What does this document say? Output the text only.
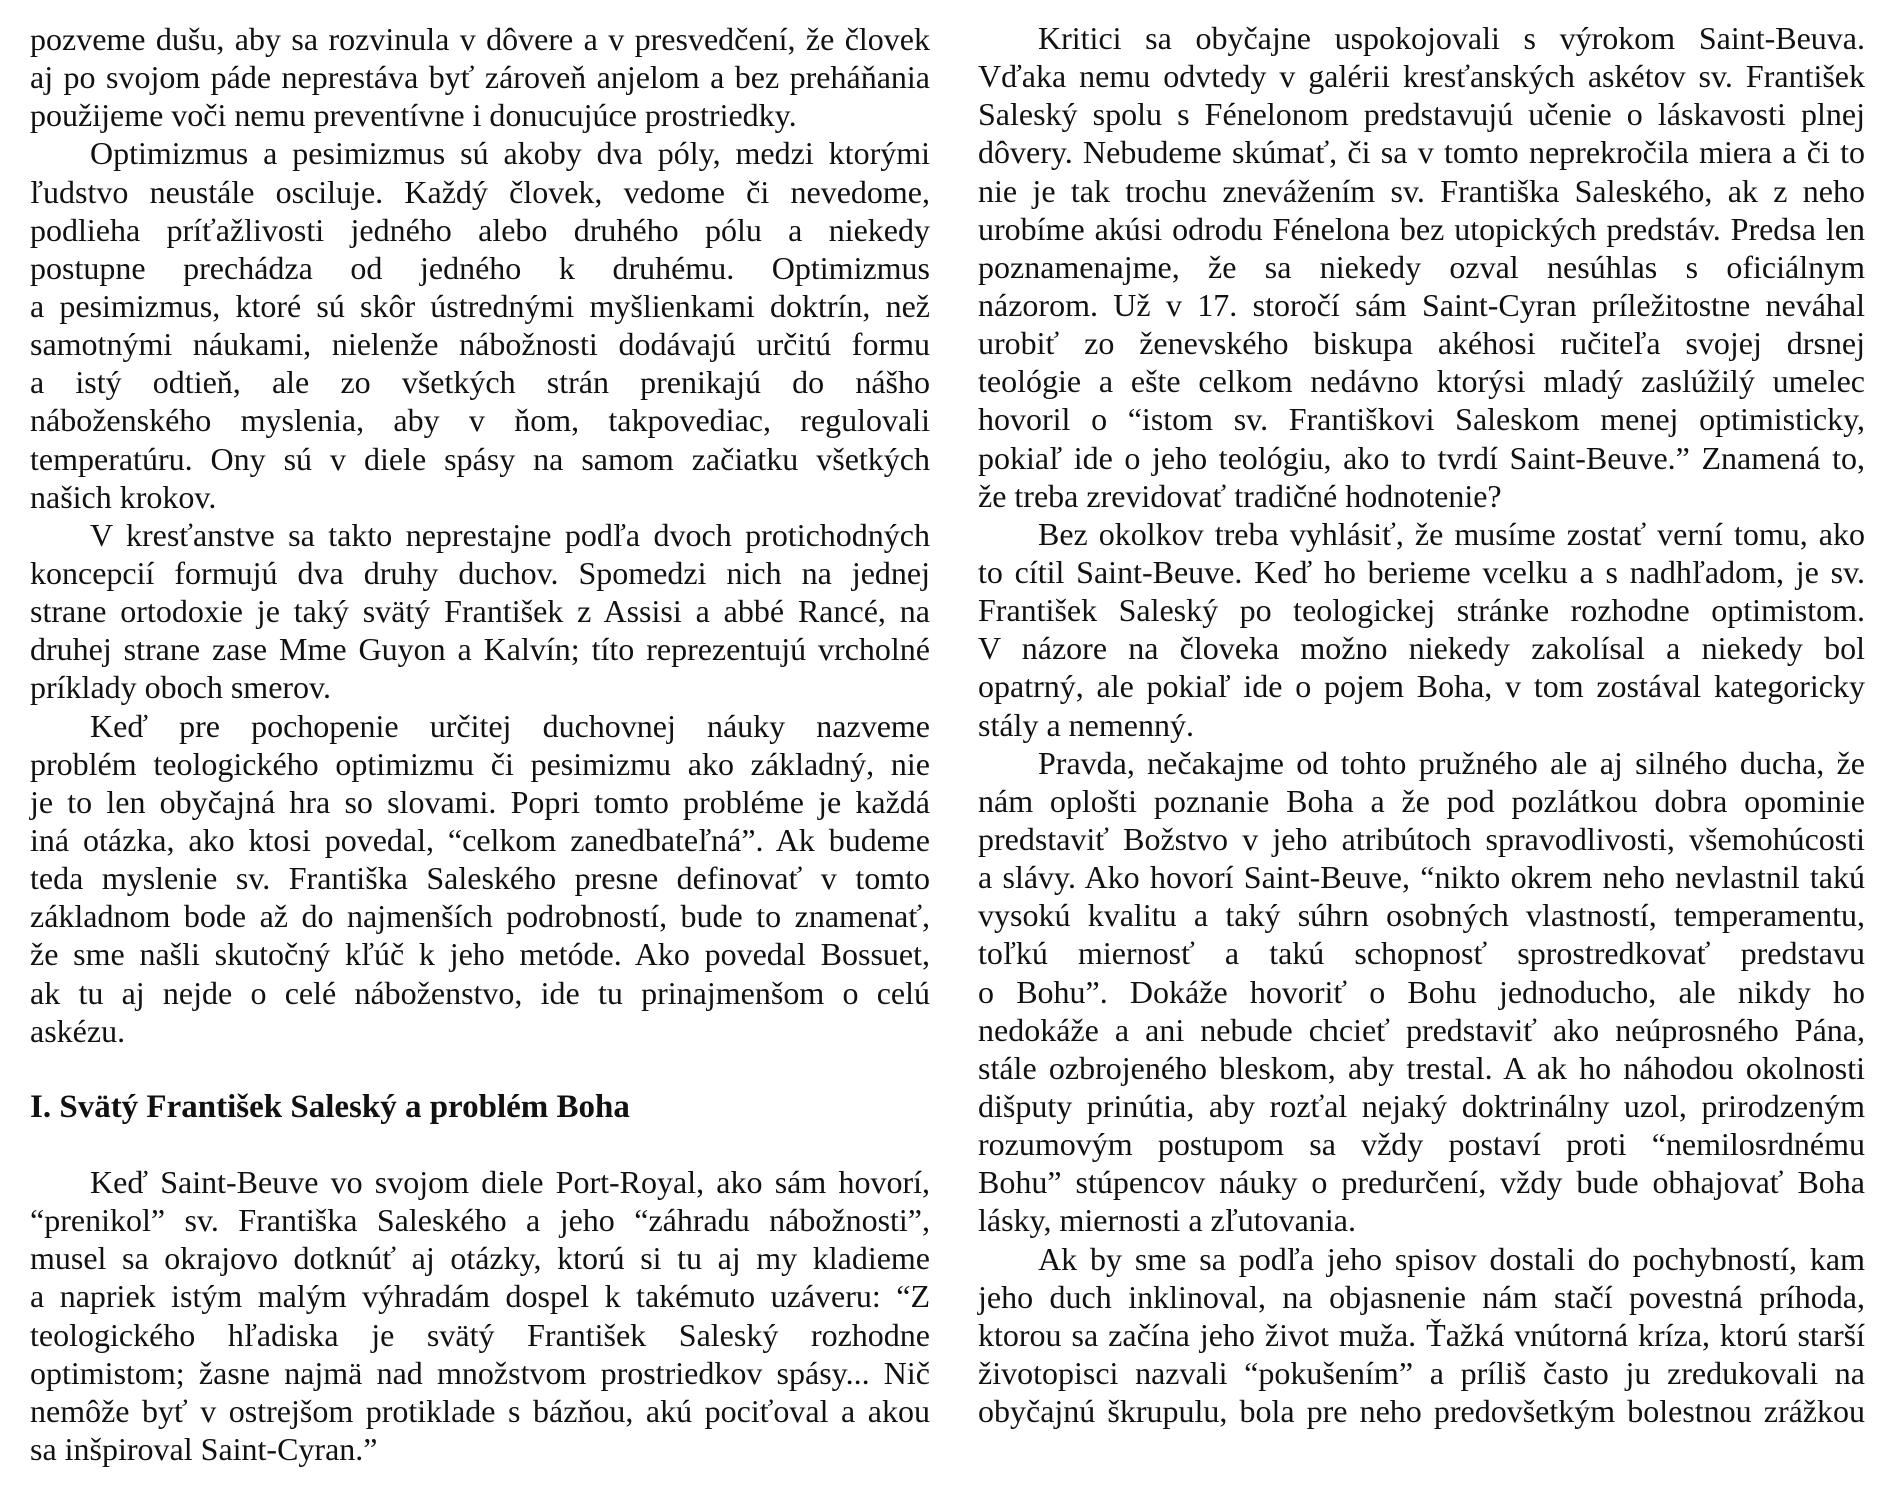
pozveme dušu, aby sa rozvinula v dôvere a v presvedčení, že človek
aj po svojom páde neprestáva byť zároveň anjelom a bez preháňania
použijeme voči nemu preventívne i donucujúce prostriedky.
Optimizmus a pesimizmus sú akoby dva póly, medzi ktorými
ľudstvo neustále osciluje. Každý človek, vedome či nevedome,
podlieha príťažlivosti jedného alebo druhého pólu a niekedy
postupne prechádza od jedného k druhému. Optimizmus
a pesimizmus, ktoré sú skôr ústrednými myšlienkami doktrín, než
samotnými náukami, nielenže nábožnosti dodávajú určitú formu
a istý odtieň, ale zo všetkých strán prenikajú do nášho
náboženského myslenia, aby v ňom, takpovediac, regulovali
temperatúru. Ony sú v diele spásy na samom začiatku všetkých
našich krokov.
V kresťanstve sa takto neprestajne podľa dvoch protichodných
koncepcií formujú dva druhy duchov. Spomedzi nich na jednej
strane ortodoxie je taký svätý František z Assisi a abbé Rancé, na
druhej strane zase Mme Guyon a Kalvín; títo reprezentujú vrcholné
príklady oboch smerov.
Keď pre pochopenie určitej duchovnej náuky nazveme
problém teologického optimizmu či pesimizmu ako základný, nie
je to len obyčajná hra so slovami. Popri tomto probléme je každá
iná otázka, ako ktosi povedal, “celkom zanedbateľná”. Ak budeme
teda myslenie sv. Františka Saleského presne definovať v tomto
základnom bode až do najmenších podrobností, bude to znamenať,
že sme našli skutočný kľúč k jeho metóde. Ako povedal Bossuet,
ak tu aj nejde o celé náboženstvo, ide tu prinajmenšom o celú
askézu.
I. Svätý František Saleský a problém Boha
Keď Saint-Beuve vo svojom diele Port-Royal, ako sám hovorí,
“prenikol” sv. Františka Saleského a jeho “záhradu nábožnosti”,
musel sa okrajovo dotknúť aj otázky, ktorú si tu aj my kladieme
a napriek istým malým výhradám dospel k takémuto uzáveru: “Z
teologického hľadiska je svätý František Saleský rozhodne
optimistom; žasne najmä nad množstvom prostriedkov spásy... Nič
nemôže byť v ostrejšom protiklade s bázňou, akú pociťoval a akou
sa inšpiroval Saint-Cyran.”
Kritici sa obyčajne uspokojovali s výrokom Saint-Beuva.
Vďaka nemu odvtedy v galérii kresťanských askétov sv. František
Saleský spolu s Fénelonom predstavujú učenie o láskavosti plnej
dôvery. Nebudeme skúmať, či sa v tomto neprekročila miera a či to
nie je tak trochu znevážením sv. Františka Saleského, ak z neho
urobíme akúsi odrodu Fénelona bez utopických predstáv. Predsa len
poznamenajme, že sa niekedy ozval nesúhlas s oficiálnym
názorom. Už v 17. storočí sám Saint-Cyran príležitostne neváhal
urobiť zo ženevského biskupa akéhosi ručiteľa svojej drsnej
teológie a ešte celkom nedávno ktorýsi mladý zaslúžilý umelec
hovoril o “istom sv. Františkovi Saleskom menej optimisticky,
pokiaľ ide o jeho teológiu, ako to tvrdí Saint-Beuve.” Znamená to,
že treba zrevidovať tradičné hodnotenie?
Bez okolkov treba vyhlásiť, že musíme zostať verní tomu, ako
to cítil Saint-Beuve. Keď ho berieme vcelku a s nadhľadom, je sv.
František Saleský po teologickej stránke rozhodne optimistom.
V názore na človeka možno niekedy zakolísal a niekedy bol
opatrný, ale pokiaľ ide o pojem Boha, v tom zostával kategoricky
stály a nemenný.
Pravda, nečakajme od tohto pružného ale aj silného ducha, že
nám oplošti poznanie Boha a že pod pozlátkou dobra opominie
predstaviť Božstvo v jeho atribútoch spravodlivosti, všemohúcosti
a slávy. Ako hovorí Saint-Beuve, “nikto okrem neho nevlastnil takú
vysokú kvalitu a taký súhrn osobných vlastností, temperamentu,
toľkú miernosť a takú schopnosť sprostredkovať predstavu
o Bohu”. Dokáže hovoriť o Bohu jednoducho, ale nikdy ho
nedokáže a ani nebude chcieť predstaviť ako neúprosného Pána,
stále ozbrojeného bleskom, aby trestal. A ak ho náhodou okolnosti
dišputy prinútia, aby rozťal nejaký doktrinálny uzol, prirodzeným
rozumovým postupom sa vždy postaví proti “nemilosrdnému
Bohu” stúpencov náuky o predurčení, vždy bude obhajovať Boha
lásky, miernosti a zľutovania.
Ak by sme sa podľa jeho spisov dostali do pochybností, kam
jeho duch inklinoval, na objasnenie nám stačí povestná príhoda,
ktorou sa začína jeho život muža. Ťažká vnútorná kríza, ktorú starší
životopisci nazvali “pokušením” a príliš často ju zredukovali na
obyčajnú škrupulu, bola pre neho predovšetkým bolestnou zrážkou
